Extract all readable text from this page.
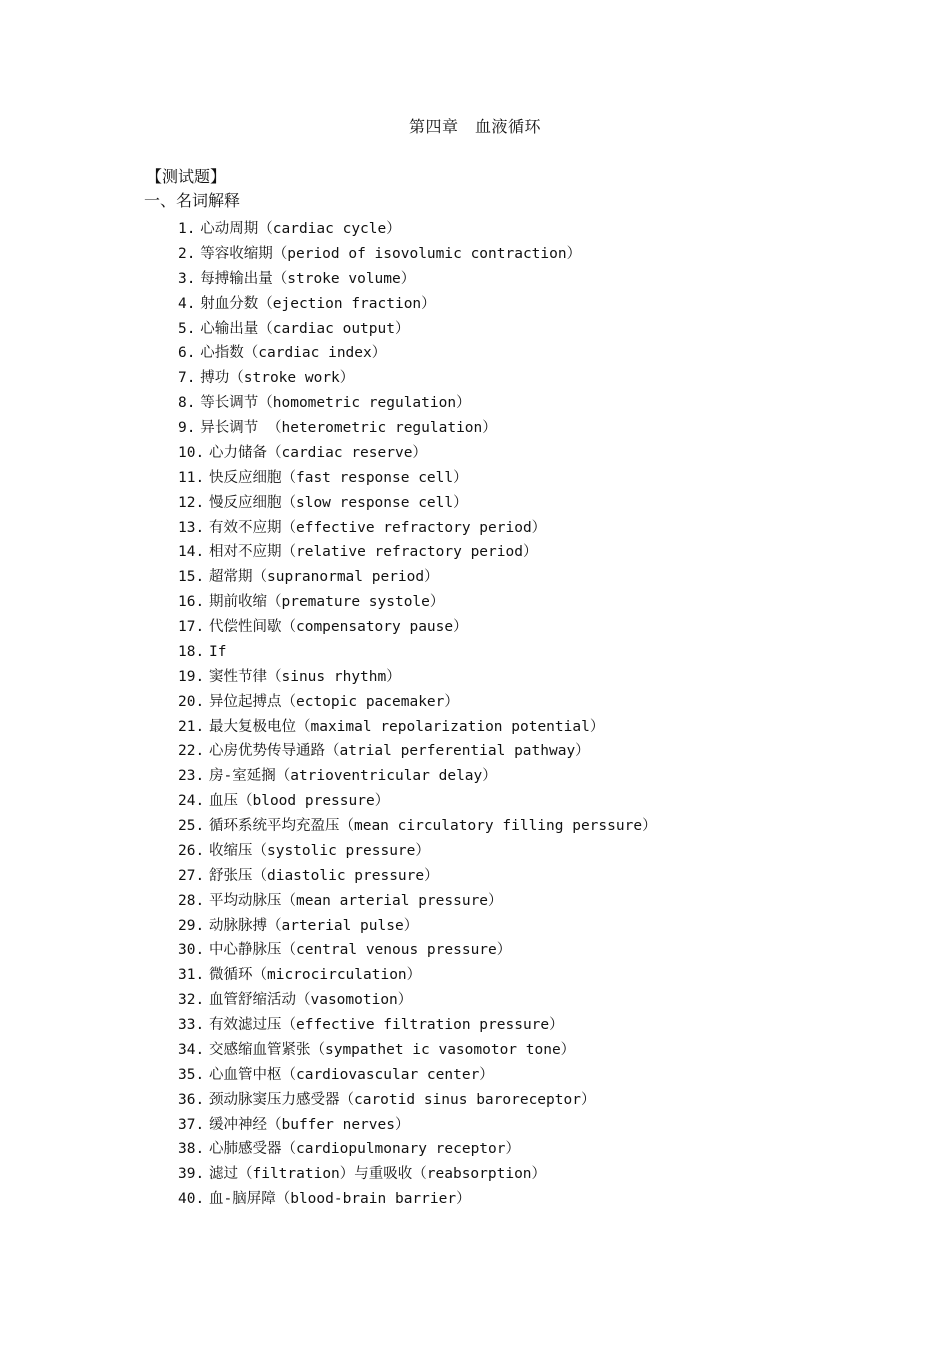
第四章　血液循环
【测试题】
一、名词解释
1. 心动周期（cardiac cycle）
2. 等容收缩期（period of isovolumic contraction）
3. 每搏输出量（stroke volume）
4. 射血分数（ejection fraction）
5. 心输出量（cardiac output）
6. 心指数（cardiac index）
7. 搏功（stroke work）
8. 等长调节（homometric regulation）
9. 异长调节 （heterometric regulation）
10. 心力储备（cardiac reserve）
11. 快反应细胞（fast response cell）
12. 慢反应细胞（slow response cell）
13. 有效不应期（effective refractory period）
14. 相对不应期（relative refractory period）
15. 超常期（supranormal period）
16. 期前收缩（premature systole）
17. 代偿性间歇（compensatory pause）
18. If
19. 窦性节律（sinus rhythm）
20. 异位起搏点（ectopic pacemaker）
21. 最大复极电位（maximal repolarization potential）
22. 心房优势传导通路（atrial perferential pathway）
23. 房-室延搁（atrioventricular delay）
24. 血压（blood pressure）
25. 循环系统平均充盈压（mean circulatory filling perssure）
26. 收缩压（systolic pressure）
27. 舒张压（diastolic pressure）
28. 平均动脉压（mean arterial pressure）
29. 动脉脉搏（arterial pulse）
30. 中心静脉压（central venous pressure）
31. 微循环（microcirculation）
32. 血管舒缩活动（vasomotion）
33. 有效滤过压（effective filtration pressure）
34. 交感缩血管紧张（sympathet ic vasomotor tone）
35. 心血管中枢（cardiovascular center）
36. 颈动脉窦压力感受器（carotid sinus baroreceptor）
37. 缓冲神经（buffer nerves）
38. 心肺感受器（cardiopulmonary receptor）
39. 滤过（filtration）与重吸收（reabsorption）
40. 血-脑屏障（blood-brain barrier）
